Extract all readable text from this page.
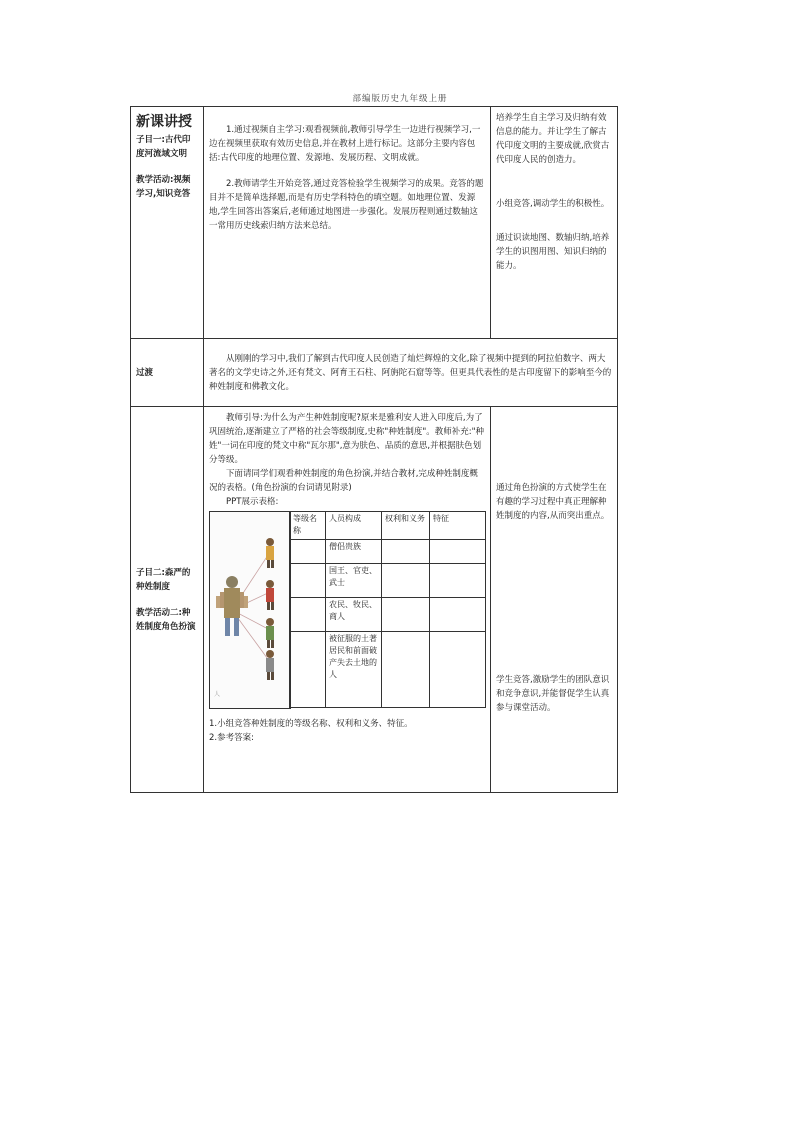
部编版历史九年级上册
新课讲授

子目一:古代印度河流域文明

教学活动:视频学习,知识竞答

1.通过视频自主学习:观看视频前,教师引导学生一边进行视频学习,一边在视频里获取有效历史信息,并在教材上进行标记。这部分主要内容包括:古代印度的地理位置、发源地、发展历程、文明成就。

2.教师请学生开始竞答,通过竞答检验学生视频学习的成果。竞答的题目并不是简单选择题,而是有历史学科特色的填空题。如地理位置、发源地,学生回答出答案后,老师通过地图进一步强化。发展历程则通过数轴这一常用历史线索归纳方法来总结。

培养学生自主学习及归纳有效信息的能力。并让学生了解古代印度文明的主要成就,欣赏古代印度人民的创造力。

小组竞答,调动学生的积极性。

通过识读地图、数轴归纳,培养学生的识图用图、知识归纳的能力。

过渡

从刚刚的学习中,我们了解到古代印度人民创造了灿烂辉煌的文化,除了视频中提到的阿拉伯数字、两大著名的文学史诗之外,还有梵文、阿育王石柱、阿旃陀石窟等等。但更具代表性的是古印度留下的影响至今的种姓制度和佛教文化。

子目二:森严的种姓制度

教学活动二:种姓制度角色扮演

教师引导:为什么为产生种姓制度呢?原来是雅利安人进入印度后,为了巩固统治,逐渐建立了严格的社会等级制度,史称"种姓制度"。教师补充:"种姓"一词在印度的梵文中称"瓦尔那",意为肤色、品质的意思,并根据肤色划分等级。

下面请同学们观看种姓制度的角色扮演,并结合教材,完成种姓制度概况的表格。(角色扮演的台词请见附录)

PPT展示表格:

人
等级名称	人员构成	权利和义务	特征
	僧侣贵族		
	国王、官吏、武士		
	农民、牧民、商人		
	被征服的土著居民和前面破产失去土地的人		

1.小组竞答种姓制度的等级名称、权利和义务、特征。

2.参考答案:

通过角色扮演的方式使学生在有趣的学习过程中真正理解种姓制度的内容,从而突出重点。

学生竞答,激励学生的团队意识和竞争意识,并能督促学生认真参与课堂活动。
